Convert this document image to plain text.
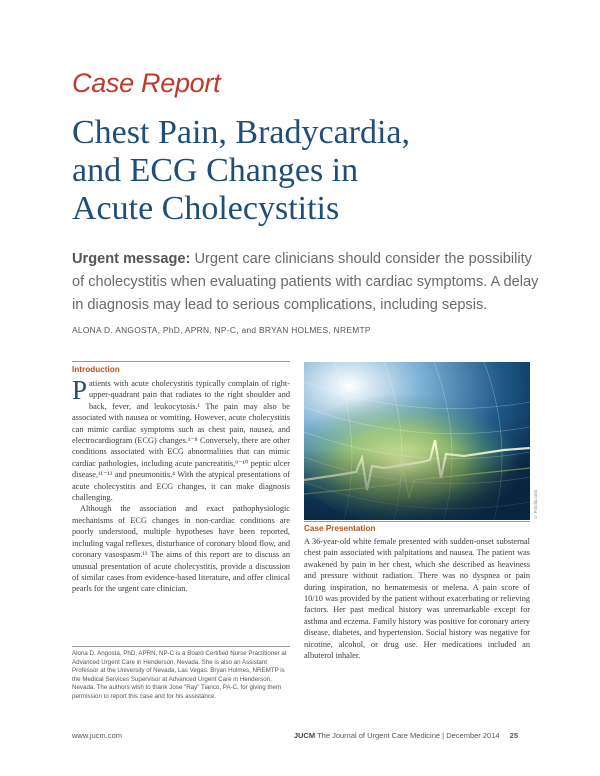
Case Report
Chest Pain, Bradycardia,
and ECG Changes in
Acute Cholecystitis
Urgent message: Urgent care clinicians should consider the possibility of cholecystitis when evaluating patients with cardiac symptoms. A delay in diagnosis may lead to serious complications, including sepsis.
ALONA D. ANGOSTA, PhD, APRN, NP-C, and BRYAN HOLMES, NREMTP
Introduction

Patients with acute cholecystitis typically complain of right-upper-quadrant pain that radiates to the right shoulder and back, fever, and leukocytosis.¹ The pain may also be associated with nausea or vomiting. However, acute cholecystitis can mimic cardiac symptoms such as chest pain, nausea, and electrocardiogram (ECG) changes.¹⁻⁸ Conversely, there are other conditions associated with ECG abnormalities that can mimic cardiac pathologies, including acute pancreatitis,⁹⁻¹⁰ peptic ulcer disease,¹¹⁻¹² and pneumonitis.⁴ With the atypical presentations of acute cholecystitis and ECG changes, it can make diagnosis challenging.

Although the association and exact pathophysiologic mechanisms of ECG changes in non-cardiac conditions are poorly understood, multiple hypotheses have been reported, including vagal reflexes, disturbance of coronary blood flow, and coronary vasospasm.¹³ The aims of this report are to discuss an unusual presentation of acute cholecystitis, provide a discussion of similar cases from evidence-based literature, and offer clinical pearls for the urgent care clinician.

Alona D. Angosta, PhD, APRN, NP-C is a Board Certified Nurse Practitioner at Advanced Urgent Care in Henderson, Nevada. She is also an Assistant Professor at the University of Nevada, Las Vegas. Bryan Holmes, NREMTP is the Medical Services Supervisor at Advanced Urgent Care in Henderson, Nevada. The authors wish to thank Jose "Ray" Tianco, PA-C, for giving them permission to report this case and for his assistance.

© Fotolia.com
Case Presentation

A 36-year-old white female presented with sudden-onset substernal chest pain associated with palpitations and nausea. The patient was awakened by pain in her chest, which she described as heaviness and pressure without radiation. There was no dyspnea or pain during inspiration, no hematemesis or melena. A pain score of 10/10 was provided by the patient without exacerbating or relieving factors. Her past medical history was unremarkable except for asthma and eczema. Family history was positive for coronary artery disease, diabetes, and hypertension. Social history was negative for nicotine, alcohol, or drug use. Her medications included an albuterol inhaler.

www.jucm.com	JUCM The Journal of Urgent Care Medicine | December 2014 25
